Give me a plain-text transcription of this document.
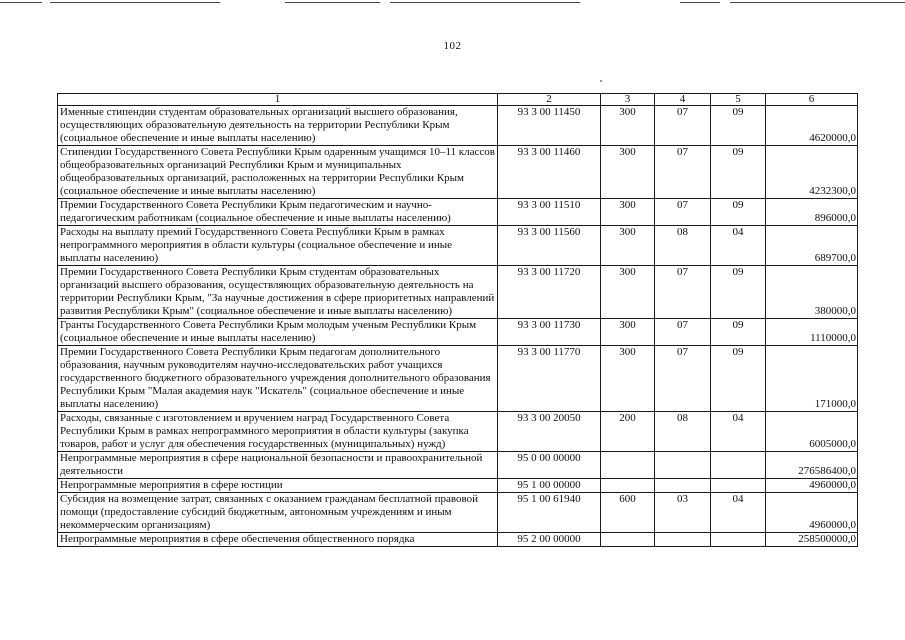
102
1	2	3	4	5	6
Именные стипендии студентам образовательных организаций высшего образования, осуществляющих образовательную деятельность на территории Республики Крым (социальное обеспечение и иные выплаты населению)	93 3 00 11450	300	07	09	4620000,0
Стипендии Государственного Совета Республики Крым одаренным учащимся 10–11 классов общеобразовательных организаций Республики Крым и муниципальных общеобразовательных организаций, расположенных на территории Республики Крым (социальное обеспечение и иные выплаты населению)	93 3 00 11460	300	07	09	4232300,0
Премии Государственного Совета Республики Крым педагогическим и научно-педагогическим работникам (социальное обеспечение и иные выплаты населению)	93 3 00 11510	300	07	09	896000,0
Расходы на выплату премий Государственного Совета Республики Крым в рамках непрограммного мероприятия в области культуры (социальное обеспечение и иные выплаты населению)	93 3 00 11560	300	08	04	689700,0
Премии Государственного Совета Республики Крым студентам образовательных организаций высшего образования, осуществляющих образовательную деятельность на территории Республики Крым, "За научные достижения в сфере приоритетных направлений развития Республики Крым" (социальное обеспечение и иные выплаты населению)	93 3 00 11720	300	07	09	380000,0
Гранты Государственного Совета Республики Крым молодым ученым Республики Крым (социальное обеспечение и иные выплаты населению)	93 3 00 11730	300	07	09	1110000,0
Премии Государственного Совета Республики Крым педагогам дополнительного образования, научным руководителям научно-исследовательских работ учащихся государственного бюджетного образовательного учреждения дополнительного образования Республики Крым "Малая академия наук "Искатель" (социальное обеспечение и иные выплаты населению)	93 3 00 11770	300	07	09	171000,0
Расходы, связанные с изготовлением и вручением наград Государственного Совета Республики Крым в рамках непрограммного мероприятия в области культуры (закупка товаров, работ и услуг для обеспечения государственных (муниципальных) нужд)	93 3 00 20050	200	08	04	6005000,0
Непрограммные мероприятия в сфере национальной безопасности и правоохранительной деятельности	95 0 00 00000				276586400,0
Непрограммные мероприятия в сфере юстиции	95 1 00 00000				4960000,0
Субсидия на возмещение затрат, связанных с оказанием гражданам бесплатной правовой помощи (предоставление субсидий бюджетным, автономным учреждениям и иным некоммерческим организациям)	95 1 00 61940	600	03	04	4960000,0
Непрограммные мероприятия в сфере обеспечения общественного порядка	95 2 00 00000				258500000,0
